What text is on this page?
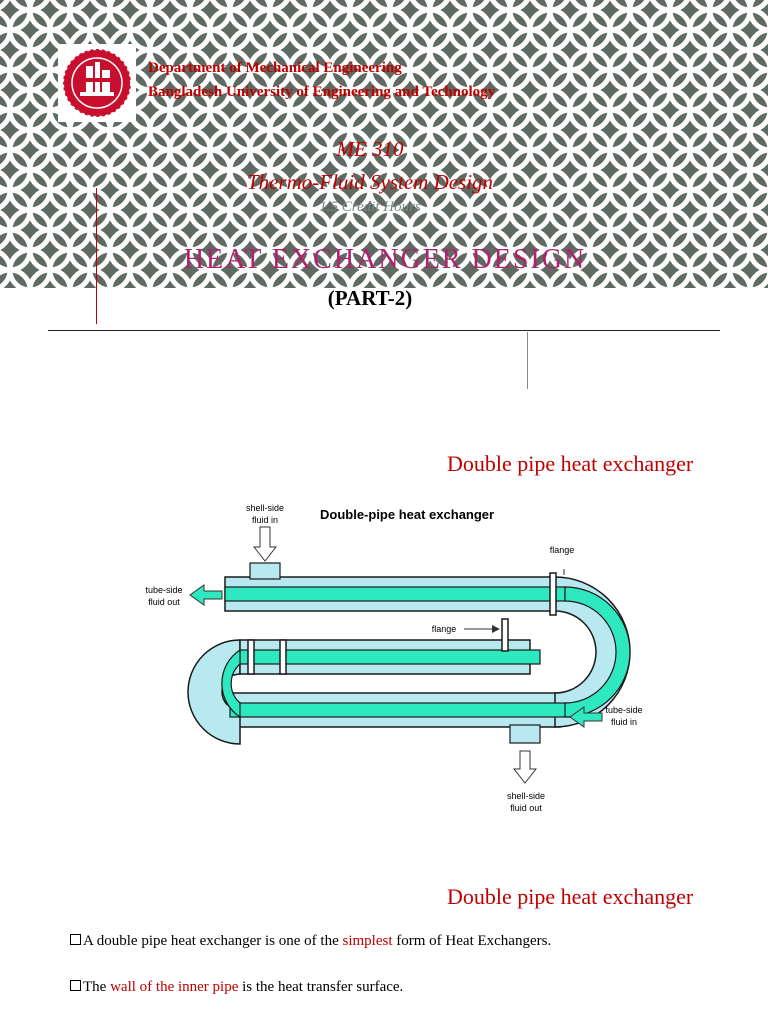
Department of Mechanical Engineering
Bangladesh University of Engineering and Technology
ME 310
Thermo-Fluid System Design
1.5 Credit Hours
HEAT EXCHANGER DESIGN
(PART-2)
Double pipe heat exchanger
shell-side
fluid in	Double-pipe heat exchanger
tube-side
fluid out
flange
flange
tube-side
fluid in
shell-side
fluid out
Double pipe heat exchanger
A double pipe heat exchanger is one of the simplest form of Heat Exchangers.
The wall of the inner pipe is the heat transfer surface.
